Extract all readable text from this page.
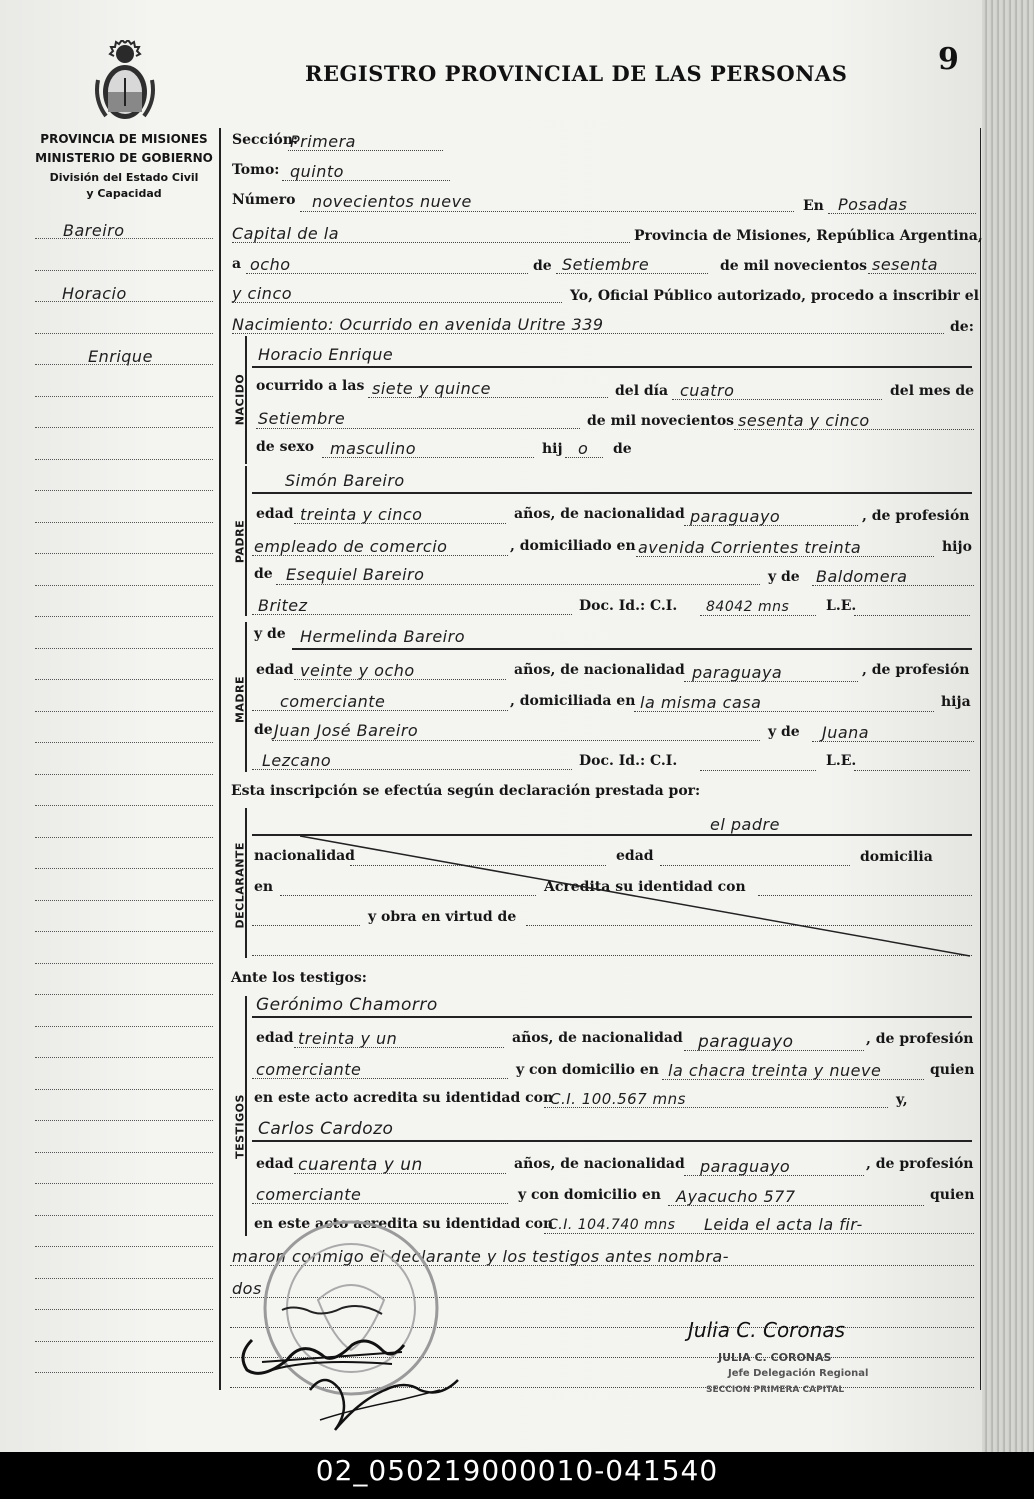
REGISTRO PROVINCIAL DE LAS PERSONAS	9
PROVINCIA DE MISIONES
MINISTERIO DE GOBIERNO
División del Estado Civil
y Capacidad
Bareiro
Horacio
Enrique
NACIDO
PADRE
MADRE
DECLARANTE
TESTIGOS
Sección:
Primera
Tomo: quinto
Número novecientos nueve	En Posadas
Capital de la	Provincia de Misiones, República Argentina,
a ocho	de Setiembre	de mil novecientos sesenta
y cinco	Yo, Oficial Público autorizado, procedo a inscribir el
Nacimiento: Ocurrido en avenida Uritre 339	de:
Horacio Enrique
ocurrido a las siete y quince	del día cuatro	del mes de
Setiembre	de mil novecientos sesenta y cinco
de sexo masculino	hij o de
Simón Bareiro
edad treinta y cinco	años, de nacionalidad paraguayo	, de profesión
empleado de comercio	, domiciliado en avenida Corrientes treinta	hijo
de Esequiel Bareiro	y de Baldomera
Britez	Doc. Id.: C.I. 84042 mns	L.E.
y de Hermelinda Bareiro
edad veinte y ocho	años, de nacionalidad paraguaya	, de profesión
comerciante	, domiciliada en la misma casa	hija
de Juan José Bareiro	y de Juana
Lezcano	Doc. Id.: C.I.	L.E.
Esta inscripción se efectúa según declaración prestada por:
el padre
nacionalidad	edad	domicilia
en	Acredita su identidad con
y obra en virtud de
Ante los testigos:
Gerónimo Chamorro
edad treinta y un	años, de nacionalidad paraguayo	, de profesión
comerciante	y con domicilio en la chacra treinta y nueve	quien
en este acto acredita su identidad con
C.I. 100.567 mns	y,
Carlos Cardozo
edad cuarenta y un	años, de nacionalidad paraguayo	, de profesión
comerciante	y con domicilio en Ayacucho 577	quien
en este acto acredita su identidad con
C.I. 104.740 mns Leida el acta la fir-
maron conmigo el declarante y los testigos antes nombra-
dos
Julia C. Coronas
JULIA C. CORONAS
Jefe Delegación Regional
SECCION PRIMERA CAPITAL
02_050219000010-041540
